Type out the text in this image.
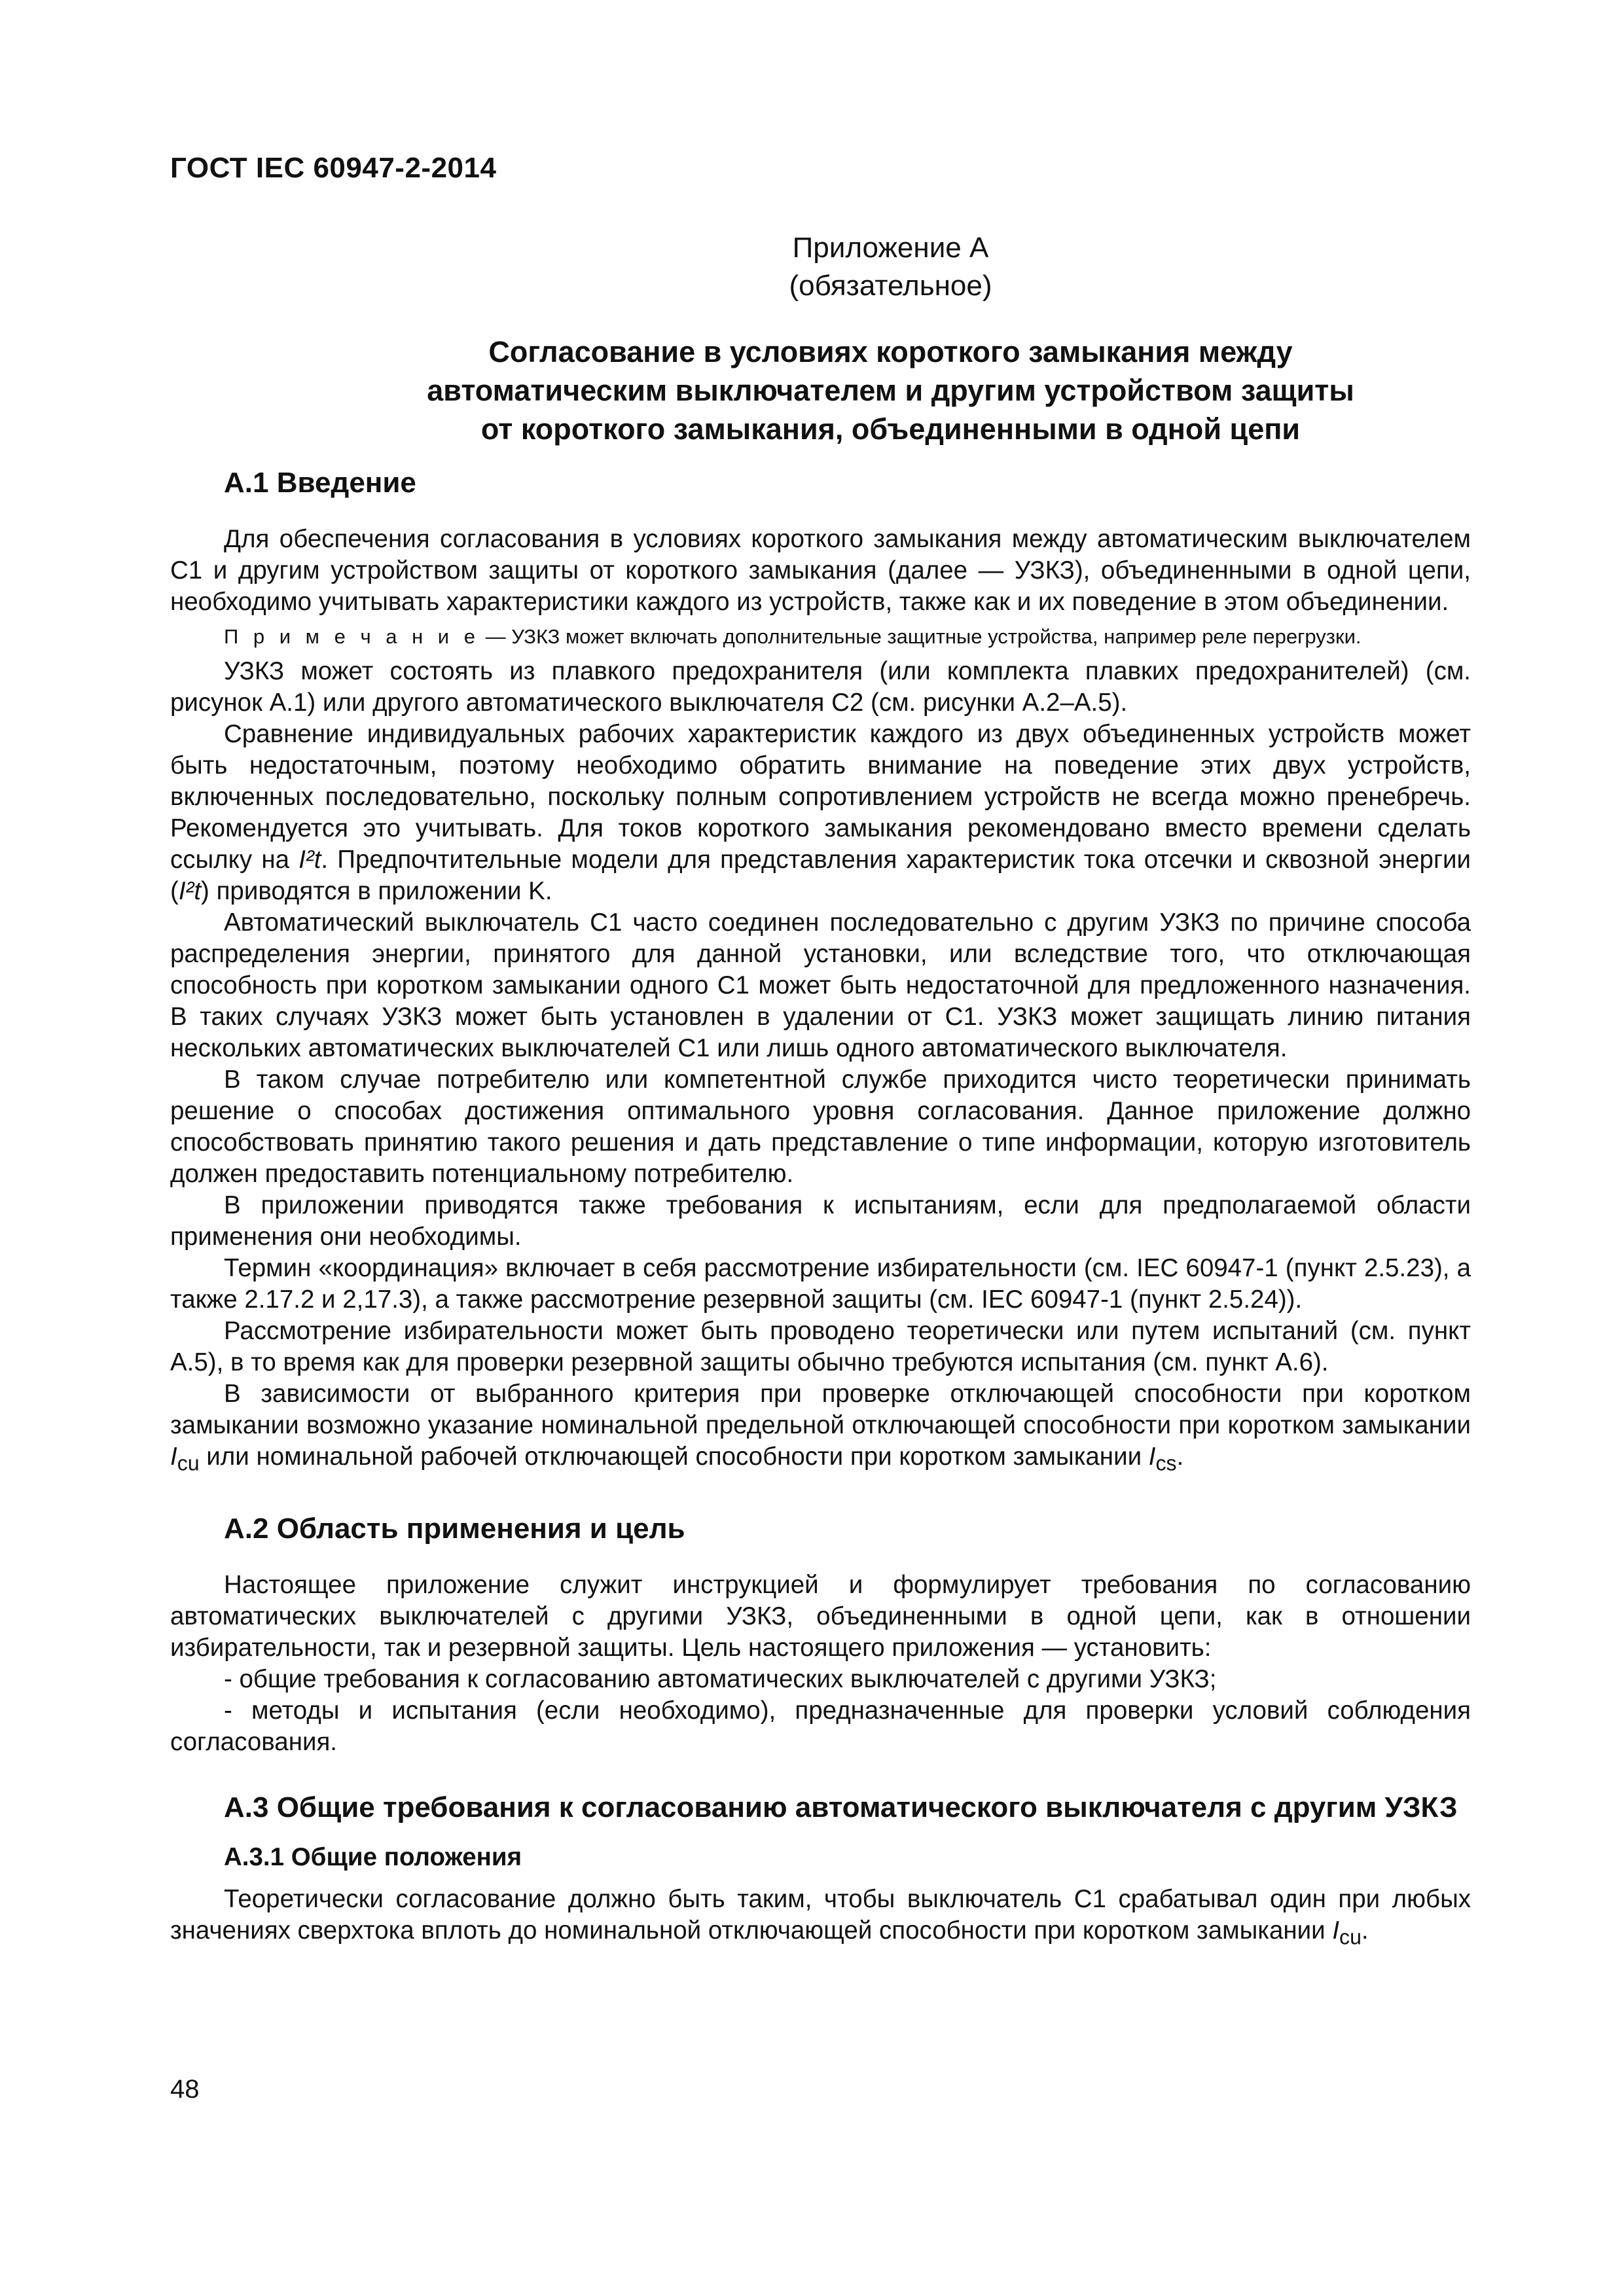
ГОСТ IEC 60947-2-2014

Приложение А
(обязательное)
Согласование в условиях короткого замыкания между
автоматическим выключателем и другим устройством защиты
от короткого замыкания, объединенными в одной цепи
А.1 Введение

Для обеспечения согласования в условиях короткого замыкания между автоматическим выключателем C1 и другим устройством защиты от короткого замыкания (далее — УЗКЗ), объединенными в одной цепи, необходимо учитывать характеристики каждого из устройств, также как и их поведение в этом объединении.

П р и м е ч а н и е — УЗКЗ может включать дополнительные защитные устройства, например реле перегрузки.

УЗКЗ может состоять из плавкого предохранителя (или комплекта плавких предохранителей) (см. рисунок А.1) или другого автоматического выключателя C2 (см. рисунки А.2–А.5).

Сравнение индивидуальных рабочих характеристик каждого из двух объединенных устройств может быть недостаточным, поэтому необходимо обратить внимание на поведение этих двух устройств, включенных последовательно, поскольку полным сопротивлением устройств не всегда можно пренебречь. Рекомендуется это учитывать. Для токов короткого замыкания рекомендовано вместо времени сделать ссылку на I²t. Предпочтительные модели для представления характеристик тока отсечки и сквозной энергии (I²t) приводятся в приложении K.

Автоматический выключатель C1 часто соединен последовательно с другим УЗКЗ по причине способа распределения энергии, принятого для данной установки, или вследствие того, что отключающая способность при коротком замыкании одного C1 может быть недостаточной для предложенного назначения. В таких случаях УЗКЗ может быть установлен в удалении от C1. УЗКЗ может защищать линию питания нескольких автоматических выключателей C1 или лишь одного автоматического выключателя.

В таком случае потребителю или компетентной службе приходится чисто теоретически принимать решение о способах достижения оптимального уровня согласования. Данное приложение должно способствовать принятию такого решения и дать представление о типе информации, которую изготовитель должен предоставить потенциальному потребителю.

В приложении приводятся также требования к испытаниям, если для предполагаемой области применения они необходимы.

Термин «координация» включает в себя рассмотрение избирательности (см. IEC 60947-1 (пункт 2.5.23), а также 2.17.2 и 2,17.3), а также рассмотрение резервной защиты (см. IEC 60947-1 (пункт 2.5.24)).

Рассмотрение избирательности может быть проводено теоретически или путем испытаний (см. пункт А.5), в то время как для проверки резервной защиты обычно требуются испытания (см. пункт А.6).

В зависимости от выбранного критерия при проверке отключающей способности при коротком замыкании возможно указание номинальной предельной отключающей способности при коротком замыкании $I_{cu}$ или номинальной рабочей отключающей способности при коротком замыкании $I_{cs}$.

А.2 Область применения и цель

Настоящее приложение служит инструкцией и формулирует требования по согласованию автоматических выключателей с другими УЗКЗ, объединенными в одной цепи, как в отношении избирательности, так и резервной защиты. Цель настоящего приложения — установить:

- общие требования к согласованию автоматических выключателей с другими УЗКЗ;

- методы и испытания (если необходимо), предназначенные для проверки условий соблюдения согласования.

А.3 Общие требования к согласованию автоматического выключателя с другим УЗКЗ
А.3.1 Общие положения

Теоретически согласование должно быть таким, чтобы выключатель C1 срабатывал один при любых значениях сверхтока вплоть до номинальной отключающей способности при коротком замыкании $I_{cu}$.

48
